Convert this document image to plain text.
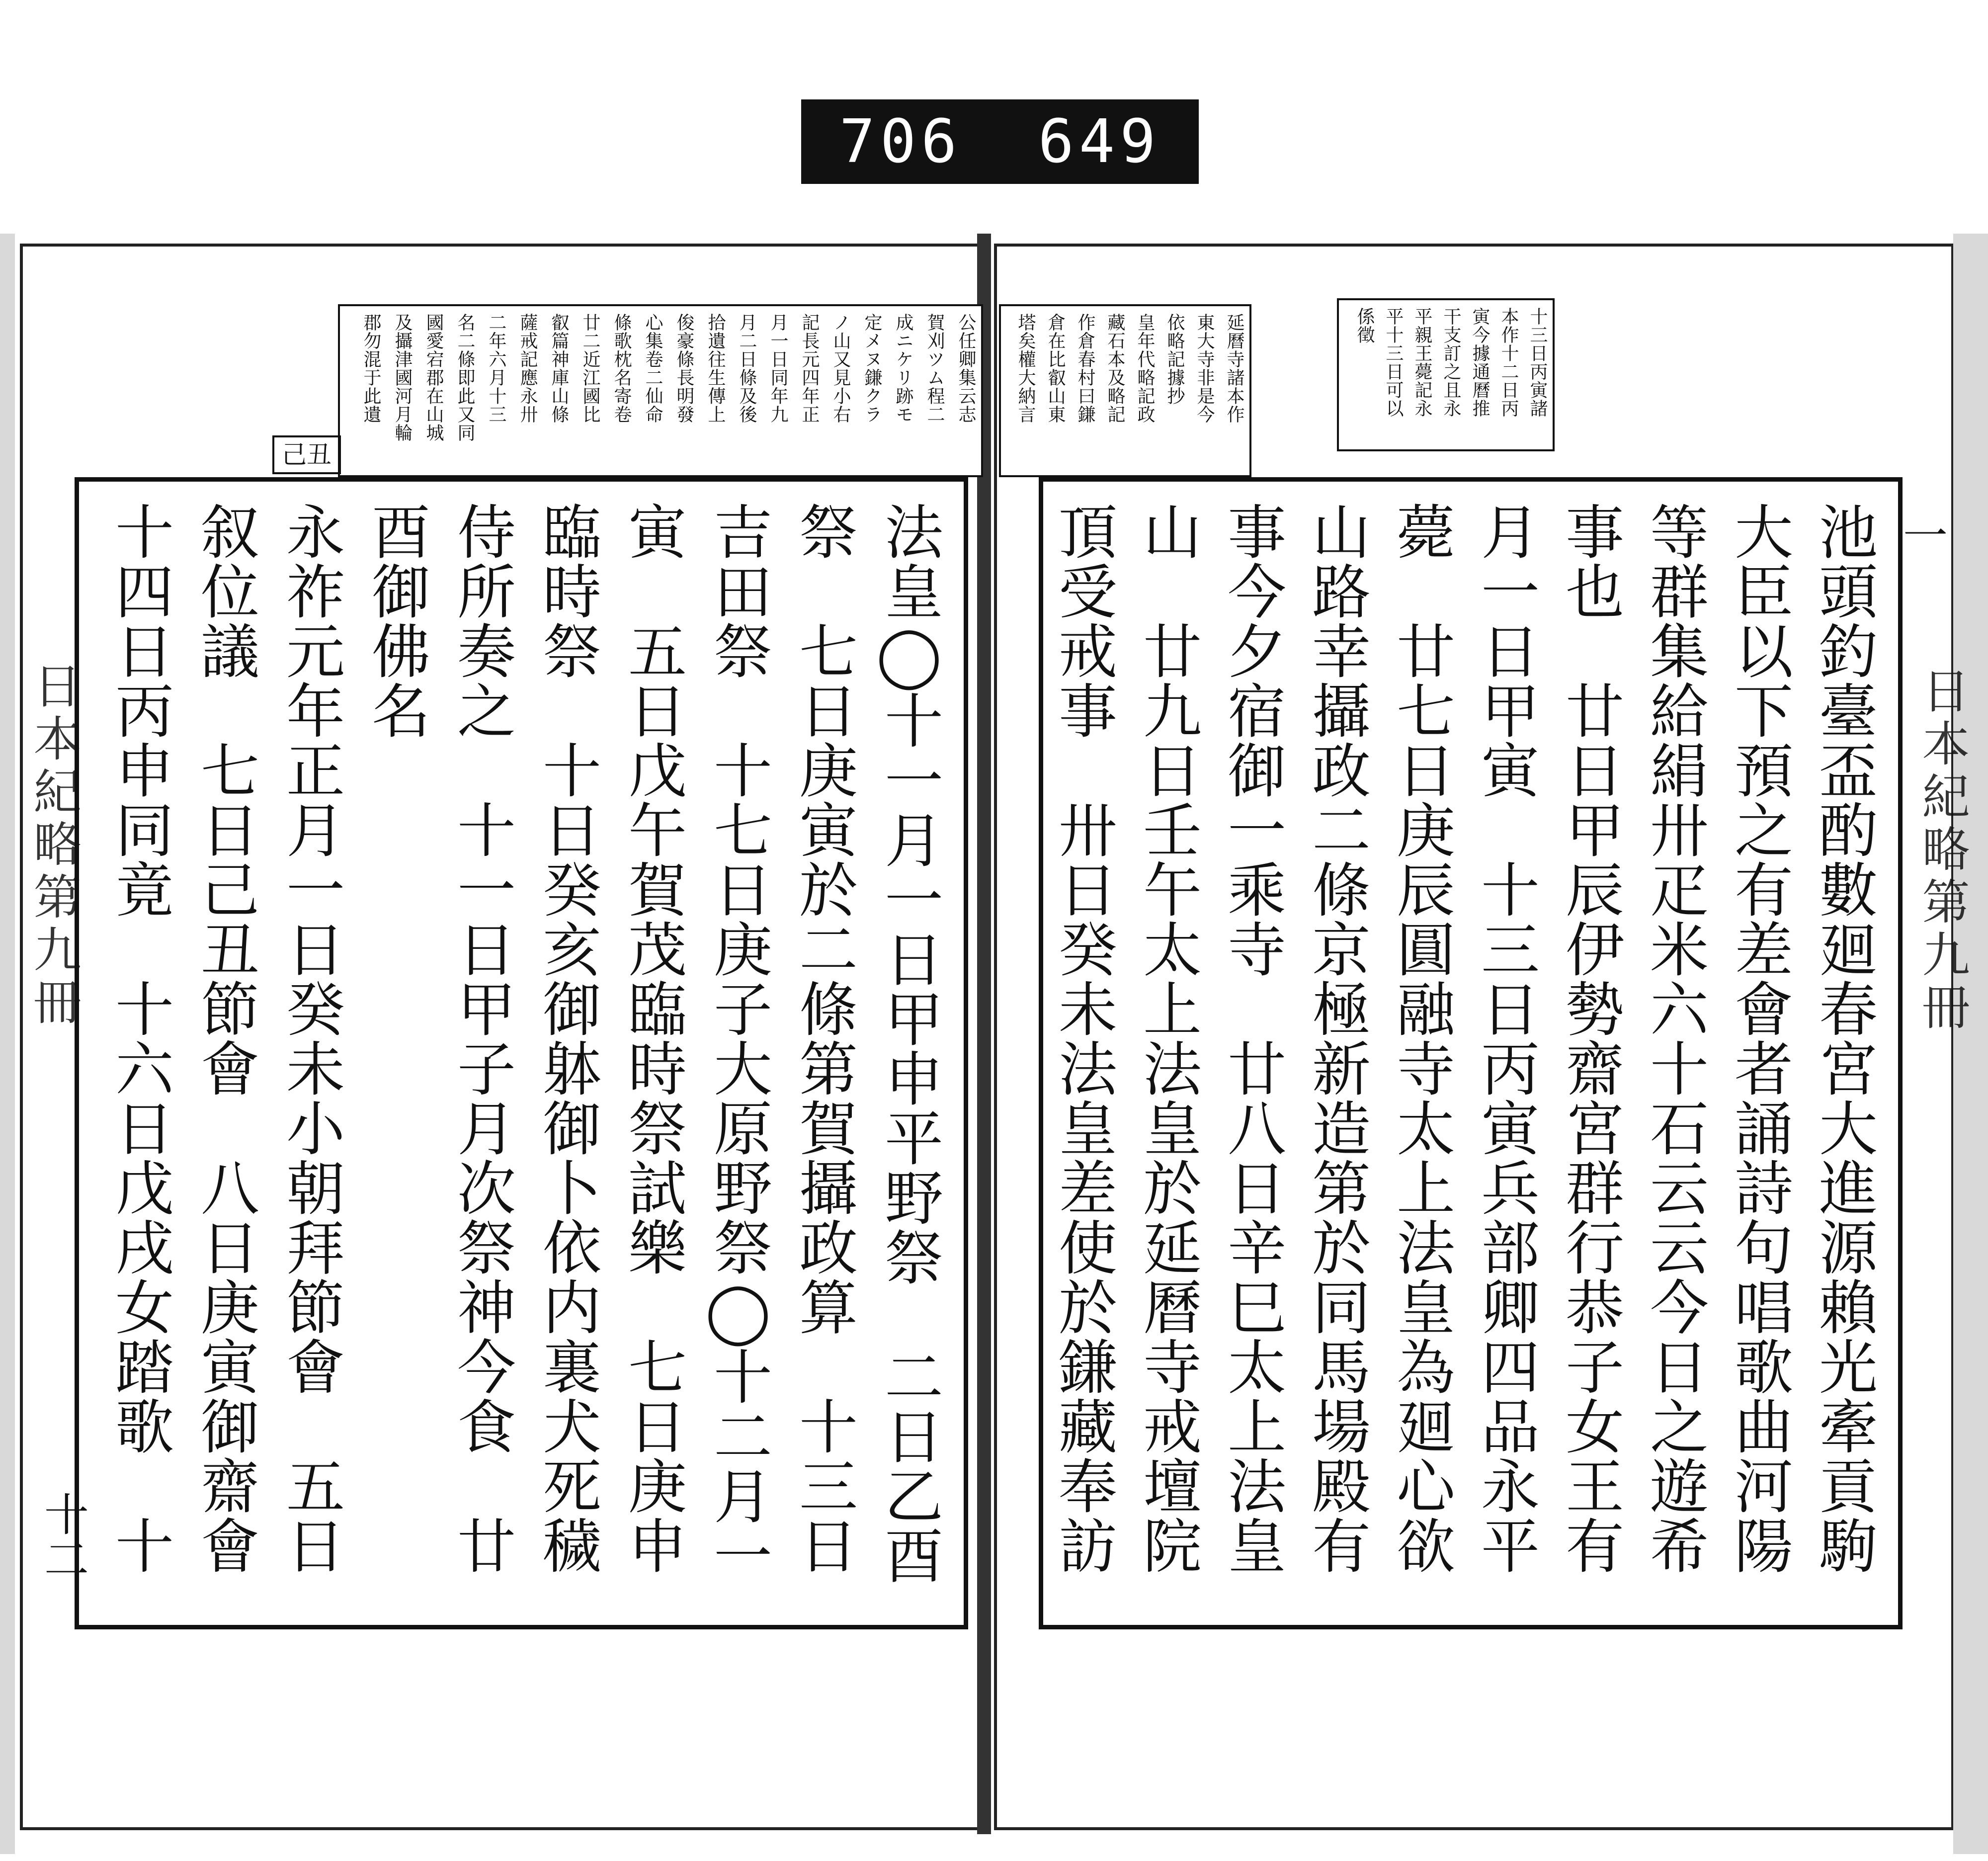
706 649
公任卿集云志
賀刈ツム程二
成ニケリ跡モ
定メヌ鎌クラ
ノ山又見小右
記長元四年正
月一日同年九
月二日條及後
拾遺往生傳上
俊豪條長明發
心集卷二仙命
條歌枕名寄卷
廿二近江國比
叡篇神庫山條
薩戒記應永卅
二年六月十三
名二條即此又同
國愛宕郡在山城
及攝津國河月輪
郡勿混于此遺	延曆寺諸本作
東大寺非是今
依略記據抄
皇年代略記政
藏石本及略記
作倉春村曰鎌
倉在比叡山東
塔矣權大納言	十三日丙寅諸
本作十二日丙
寅今據通曆推
干支訂之且永
平親王薨記永
平十三日可以
係徵
己丑
法皇◯十一月一日甲申平野祭　二日乙酉
祭　七日庚寅於二條第賀攝政算　十三日
吉田祭　十七日庚子大原野祭◯十二月一
寅　五日戊午賀茂臨時祭試樂　七日庚申
臨時祭　十日癸亥御躰御卜依内裏犬死穢
侍所奏之　十一日甲子月次祭神今食　廿
酉御佛名
永祚元年正月一日癸未小朝拜節會　五日
叙位議　七日己丑節會　八日庚寅御齋會
十四日丙申同竟　十六日戊戌女踏歌　十
池頭釣臺盃酌數廻春宮大進源賴光牽貢駒
大臣以下預之有差會者誦詩句唱歌曲河陽
等群集給絹卅疋米六十石云云今日之遊希
事也　廿日甲辰伊勢齋宮群行恭子女王有
月一日甲寅　十三日丙寅兵部卿四品永平
薨　廿七日庚辰圓融寺太上法皇為廻心欲
山路幸攝政二條京極新造第於同馬場殿有
事今夕宿御一乘寺　廿八日辛巳太上法皇
山　廿九日壬午太上法皇於延曆寺戒壇院
頂受戒事　卅日癸未法皇差使於鎌藏奉訪
日本紀略第九冊
日本紀略第九冊
一
十二
